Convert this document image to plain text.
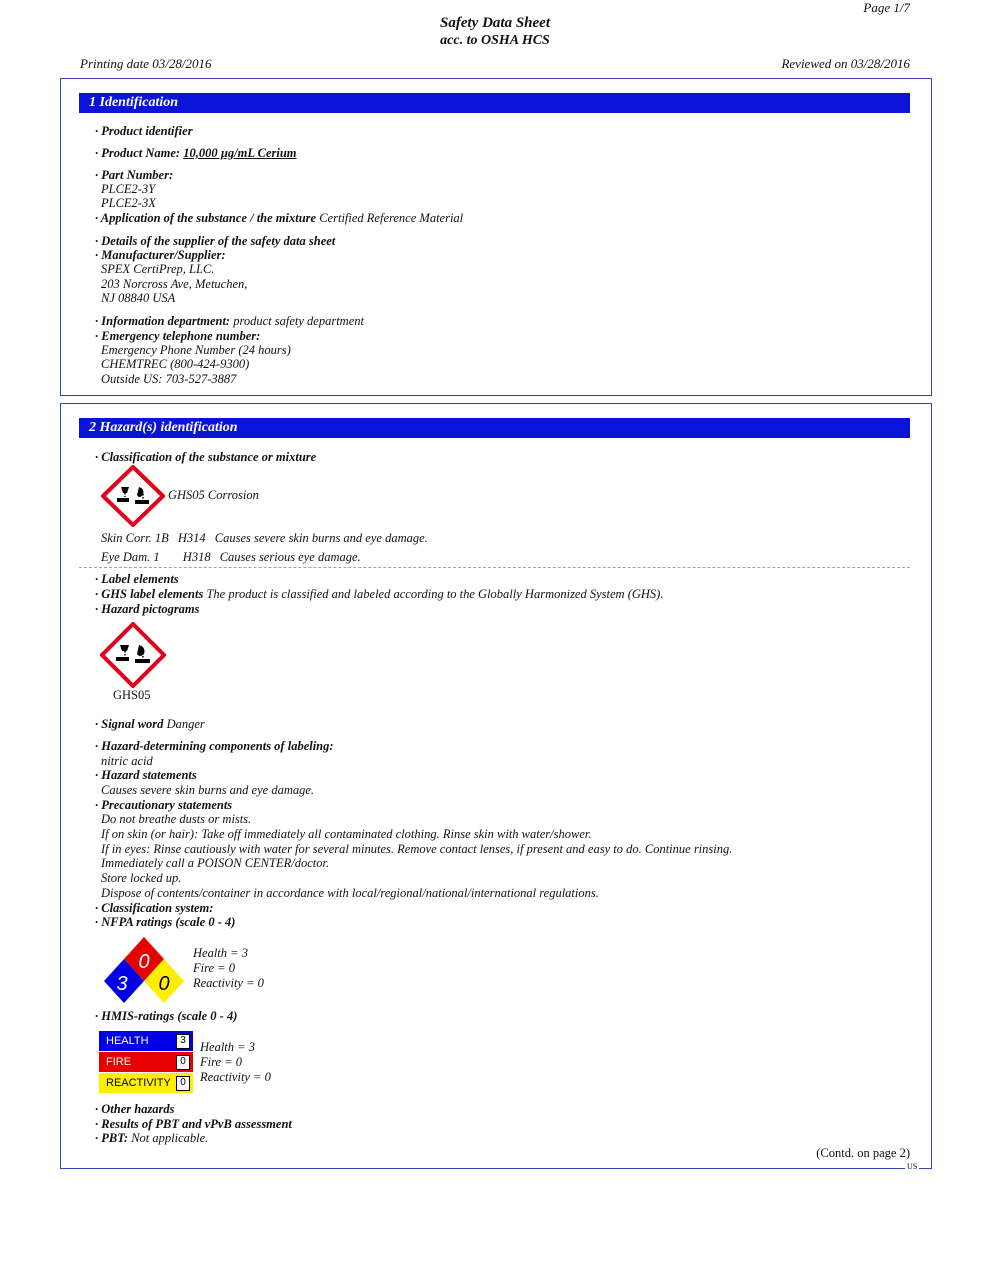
Page 1/7
Safety Data Sheet
acc. to OSHA HCS
Printing date 03/28/2016	Reviewed on 03/28/2016
1 Identification
· Product identifier
· Product Name: 10,000 µg/mL Cerium
· Part Number:
PLCE2-3Y
PLCE2-3X
· Application of the substance / the mixture Certified Reference Material
· Details of the supplier of the safety data sheet
· Manufacturer/Supplier:
SPEX CertiPrep, LLC.
203 Norcross Ave, Metuchen,
NJ 08840 USA
· Information department: product safety department
· Emergency telephone number:
Emergency Phone Number (24 hours)
CHEMTREC (800-424-9300)
Outside US: 703-527-3887
2 Hazard(s) identification
· Classification of the substance or mixture
GHS05 Corrosion
Skin Corr. 1B H314 Causes severe skin burns and eye damage.
Eye Dam. 1 H318 Causes serious eye damage.
· Label elements
· GHS label elements The product is classified and labeled according to the Globally Harmonized System (GHS).
· Hazard pictograms
GHS05
· Signal word Danger
· Hazard-determining components of labeling:
nitric acid
· Hazard statements
Causes severe skin burns and eye damage.
· Precautionary statements
Do not breathe dusts or mists.
If on skin (or hair): Take off immediately all contaminated clothing. Rinse skin with water/shower.
If in eyes: Rinse cautiously with water for several minutes. Remove contact lenses, if present and easy to do. Continue rinsing.
Immediately call a POISON CENTER/doctor.
Store locked up.
Dispose of contents/container in accordance with local/regional/national/international regulations.
· Classification system:
· NFPA ratings (scale 0 - 4)
0
3 0
Health = 3
Fire = 0
Reactivity = 0
· HMIS-ratings (scale 0 - 4)
HEALTH	3
FIRE	0
REACTIVITY 0
Health = 3
Fire = 0
Reactivity = 0
· Other hazards
· Results of PBT and vPvB assessment
· PBT: Not applicable.
(Contd. on page 2)
US
